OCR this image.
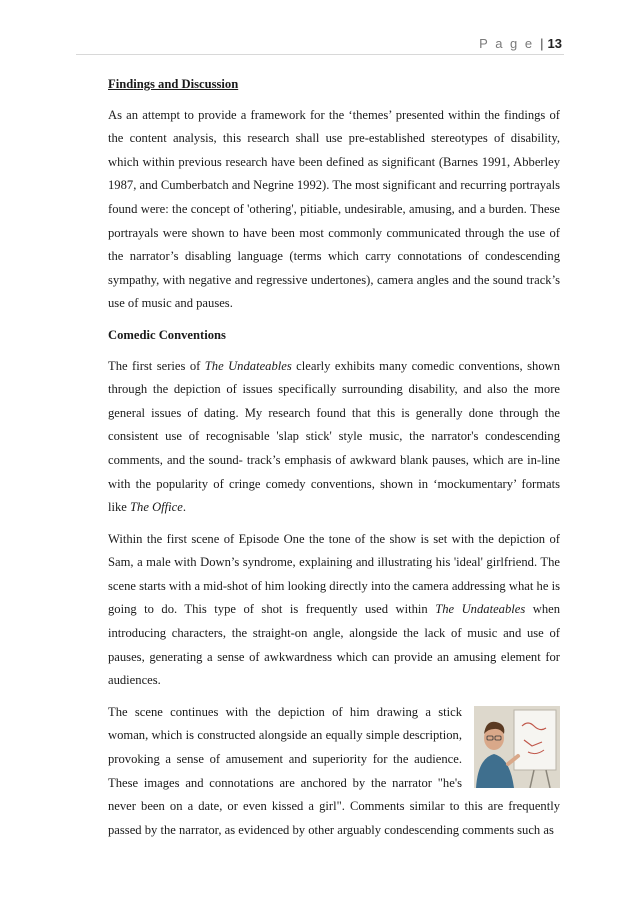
P a g e | 13
Findings and Discussion

As an attempt to provide a framework for the ‘themes’ presented within the findings of the content analysis, this research shall use pre-established stereotypes of disability, which within previous research have been defined as significant (Barnes 1991, Abberley 1987, and Cumberbatch and Negrine 1992). The most significant and recurring portrayals found were: the concept of 'othering', pitiable, undesirable, amusing, and a burden. These portrayals were shown to have been most commonly communicated through the use of the narrator’s disabling language (terms which carry connotations of condescending sympathy, with negative and regressive undertones), camera angles and the sound track’s use of music and pauses.

Comedic Conventions

The first series of The Undateables clearly exhibits many comedic conventions, shown through the depiction of issues specifically surrounding disability, and also the more general issues of dating. My research found that this is generally done through the consistent use of recognisable 'slap stick' style music, the narrator's condescending comments, and the sound- track’s emphasis of awkward blank pauses, which are in-line with the popularity of cringe comedy conventions, shown in ‘mockumentary’ formats like The Office.

Within the first scene of Episode One the tone of the show is set with the depiction of Sam, a male with Down’s syndrome, explaining and illustrating his 'ideal' girlfriend. The scene starts with a mid-shot of him looking directly into the camera addressing what he is going to do. This type of shot is frequently used within The Undateables when introducing characters, the straight-on angle, alongside the lack of music and use of pauses, generating a sense of awkwardness which can provide an amusing element for audiences.

The scene continues with the depiction of him drawing a stick woman, which is constructed alongside an equally simple description, provoking a sense of amusement and superiority for the audience. These images and connotations are anchored by the narrator "he's never been on a date, or even kissed a girl". Comments similar to this are frequently passed by the narrator, as evidenced by other arguably condescending comments such as
